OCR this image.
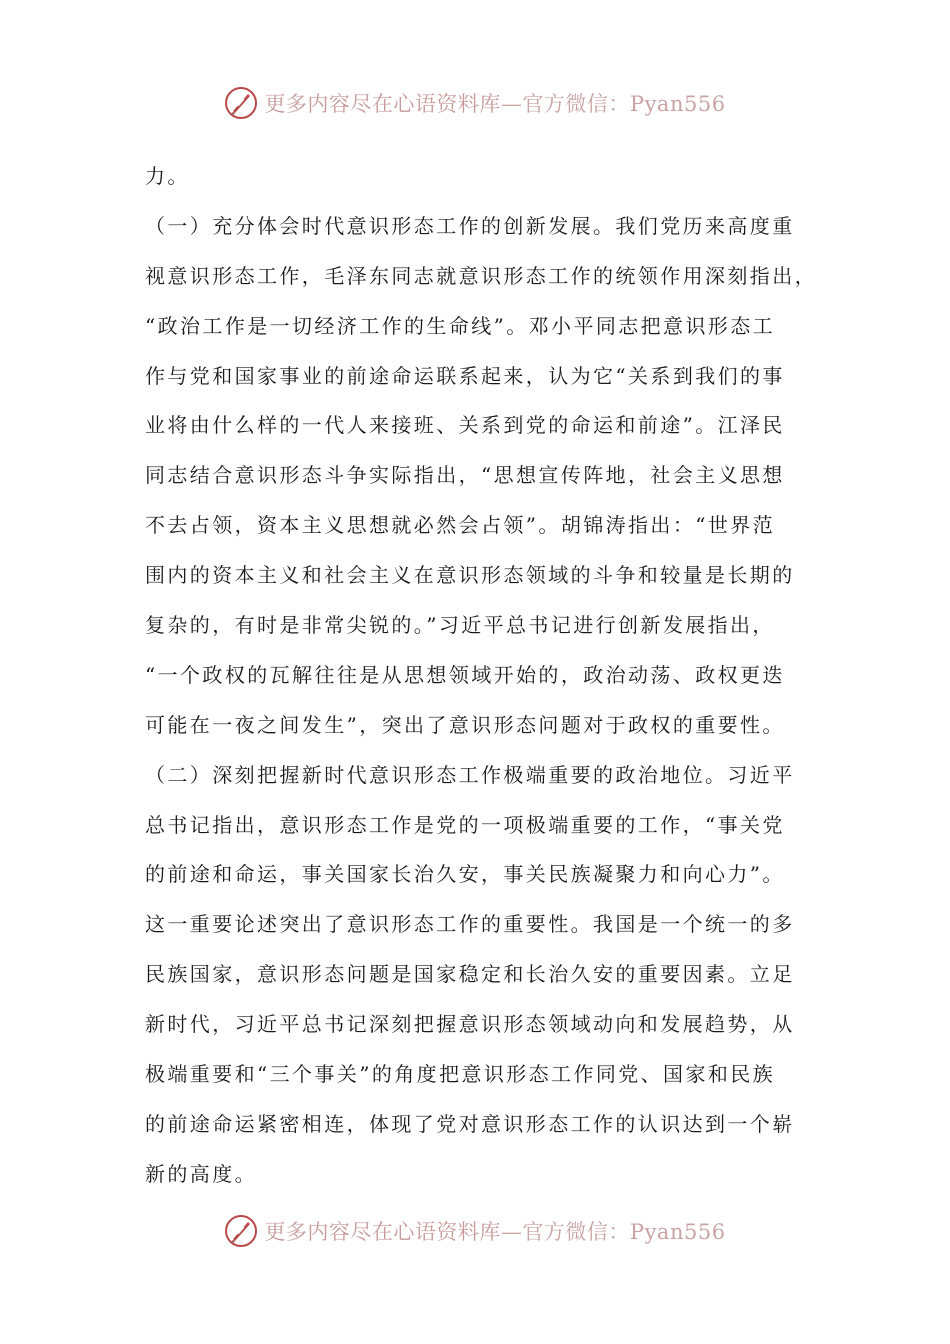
更多内容尽在心语资料库—官方微信：Pyan556
力。
（一）充分体会时代意识形态工作的创新发展。我们党历来高度重
视意识形态工作，毛泽东同志就意识形态工作的统领作用深刻指出，
“政治工作是一切经济工作的生命线”。邓小平同志把意识形态工
作与党和国家事业的前途命运联系起来，认为它“关系到我们的事
业将由什么样的一代人来接班、关系到党的命运和前途”。江泽民
同志结合意识形态斗争实际指出，“思想宣传阵地，社会主义思想
不去占领，资本主义思想就必然会占领”。胡锦涛指出：“世界范
围内的资本主义和社会主义在意识形态领域的斗争和较量是长期的
复杂的，有时是非常尖锐的。”习近平总书记进行创新发展指出，
“一个政权的瓦解往往是从思想领域开始的，政治动荡、政权更迭
可能在一夜之间发生”，突出了意识形态问题对于政权的重要性。
（二）深刻把握新时代意识形态工作极端重要的政治地位。习近平
总书记指出，意识形态工作是党的一项极端重要的工作，“事关党
的前途和命运，事关国家长治久安，事关民族凝聚力和向心力”。
这一重要论述突出了意识形态工作的重要性。我国是一个统一的多
民族国家，意识形态问题是国家稳定和长治久安的重要因素。立足
新时代，习近平总书记深刻把握意识形态领域动向和发展趋势，从
极端重要和“三个事关”的角度把意识形态工作同党、国家和民族
的前途命运紧密相连，体现了党对意识形态工作的认识达到一个崭
新的高度。
更多内容尽在心语资料库—官方微信：Pyan556
